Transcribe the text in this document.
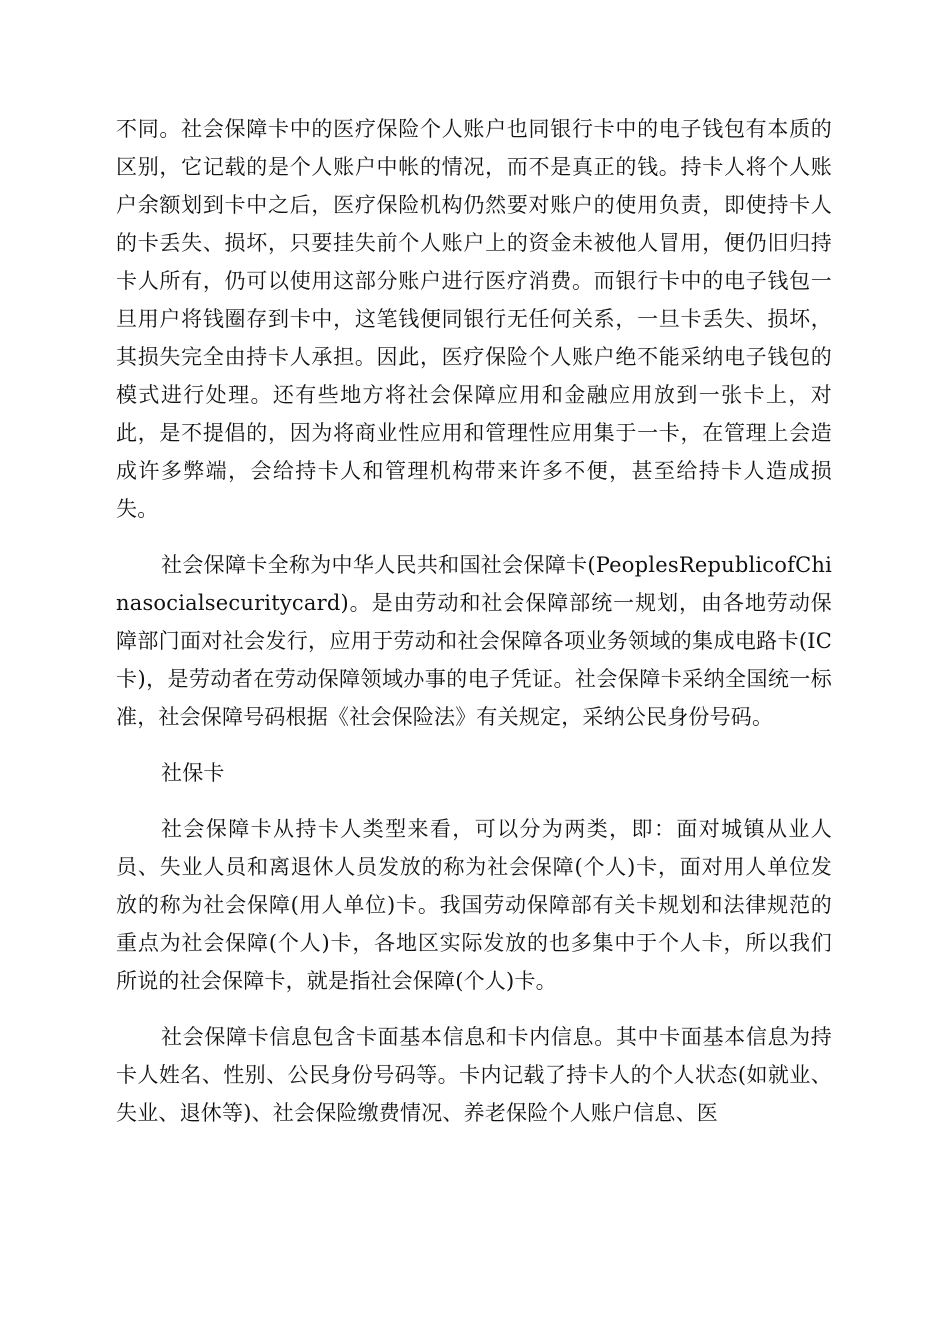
不同。社会保障卡中的医疗保险个人账户也同银行卡中的电子钱包有本质的区别，它记载的是个人账户中帐的情况，而不是真正的钱。持卡人将个人账户余额划到卡中之后，医疗保险机构仍然要对账户的使用负责，即使持卡人的卡丢失、损坏，只要挂失前个人账户上的资金未被他人冒用，便仍旧归持卡人所有，仍可以使用这部分账户进行医疗消费。而银行卡中的电子钱包一旦用户将钱圈存到卡中，这笔钱便同银行无任何关系，一旦卡丢失、损坏，其损失完全由持卡人承担。因此，医疗保险个人账户绝不能采纳电子钱包的模式进行处理。还有些地方将社会保障应用和金融应用放到一张卡上，对此，是不提倡的，因为将商业性应用和管理性应用集于一卡，在管理上会造成许多弊端，会给持卡人和管理机构带来许多不便，甚至给持卡人造成损失。

社会保障卡全称为中华人民共和国社会保障卡(PeoplesRepublicofChinasocialsecuritycard)。是由劳动和社会保障部统一规划，由各地劳动保障部门面对社会发行，应用于劳动和社会保障各项业务领域的集成电路卡(IC卡)，是劳动者在劳动保障领域办事的电子凭证。社会保障卡采纳全国统一标准，社会保障号码根据《社会保险法》有关规定，采纳公民身份号码。

社保卡

社会保障卡从持卡人类型来看，可以分为两类，即：面对城镇从业人员、失业人员和离退休人员发放的称为社会保障(个人)卡，面对用人单位发放的称为社会保障(用人单位)卡。我国劳动保障部有关卡规划和法律规范的重点为社会保障(个人)卡，各地区实际发放的也多集中于个人卡，所以我们所说的社会保障卡，就是指社会保障(个人)卡。

社会保障卡信息包含卡面基本信息和卡内信息。其中卡面基本信息为持卡人姓名、性别、公民身份号码等。卡内记载了持卡人的个人状态(如就业、失业、退休等)、社会保险缴费情况、养老保险个人账户信息、医
